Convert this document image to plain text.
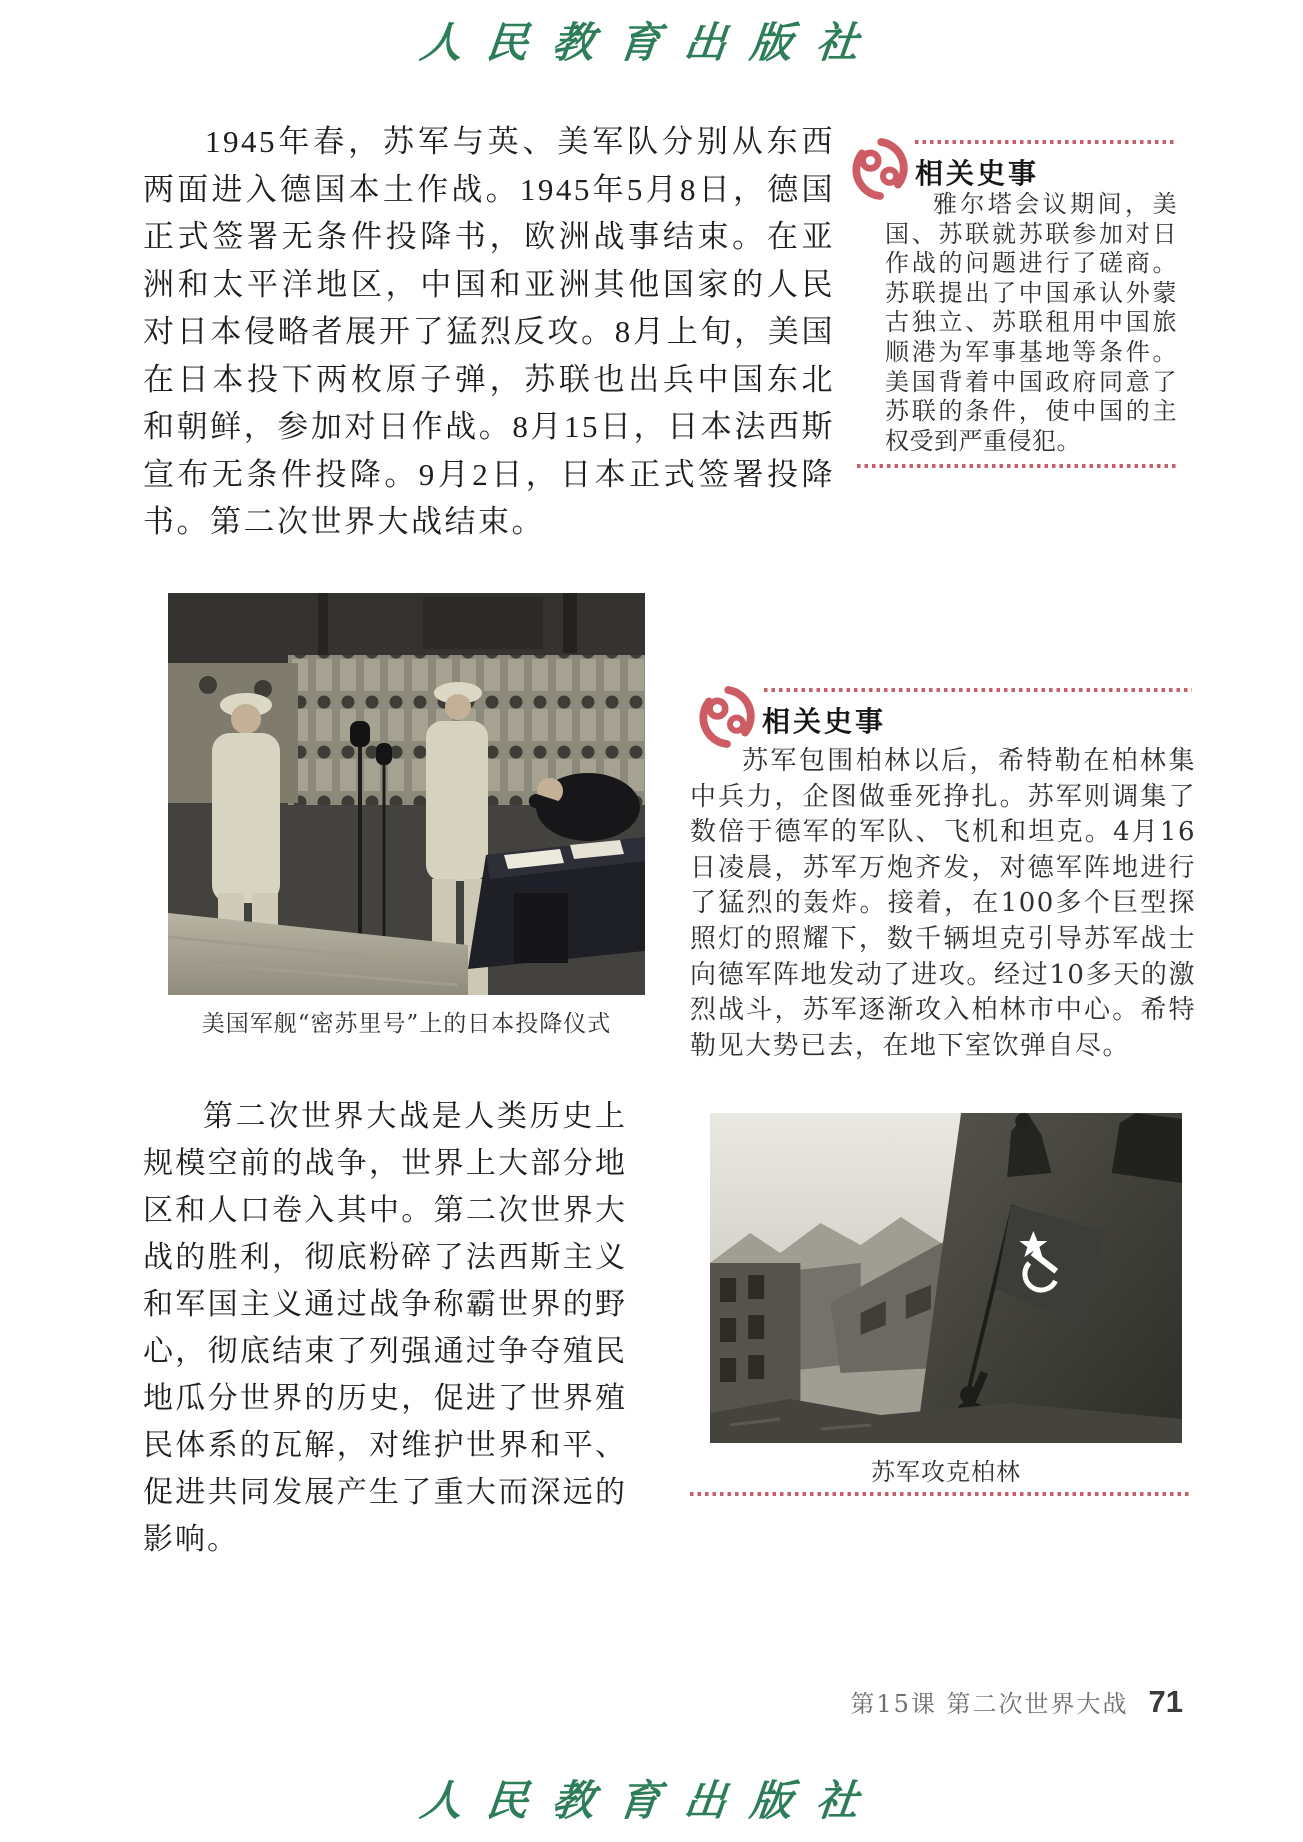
人民教育出版社
1945年春，苏军与英、美军队分别从东西两面进入德国本土作战。1945年5月8日，德国正式签署无条件投降书，欧洲战事结束。在亚洲和太平洋地区，中国和亚洲其他国家的人民对日本侵略者展开了猛烈反攻。8月上旬，美国在日本投下两枚原子弹，苏联也出兵中国东北和朝鲜，参加对日作战。8月15日，日本法西斯宣布无条件投降。9月2日，日本正式签署投降书。第二次世界大战结束。
相关史事
雅尔塔会议期间，美国、苏联就苏联参加对日作战的问题进行了磋商。苏联提出了中国承认外蒙古独立、苏联租用中国旅顺港为军事基地等条件。美国背着中国政府同意了苏联的条件，使中国的主权受到严重侵犯。
美国军舰“密苏里号”上的日本投降仪式
第二次世界大战是人类历史上规模空前的战争，世界上大部分地区和人口卷入其中。第二次世界大战的胜利，彻底粉碎了法西斯主义和军国主义通过战争称霸世界的野心，彻底结束了列强通过争夺殖民地瓜分世界的历史，促进了世界殖民体系的瓦解，对维护世界和平、促进共同发展产生了重大而深远的影响。
相关史事
苏军包围柏林以后，希特勒在柏林集中兵力，企图做垂死挣扎。苏军则调集了数倍于德军的军队、飞机和坦克。4月16日凌晨，苏军万炮齐发，对德军阵地进行了猛烈的轰炸。接着，在100多个巨型探照灯的照耀下，数千辆坦克引导苏军战士向德军阵地发动了进攻。经过10多天的激烈战斗，苏军逐渐攻入柏林市中心。希特勒见大势已去，在地下室饮弹自尽。
苏军攻克柏林
第15课 第二次世界大战 71
人民教育出版社
